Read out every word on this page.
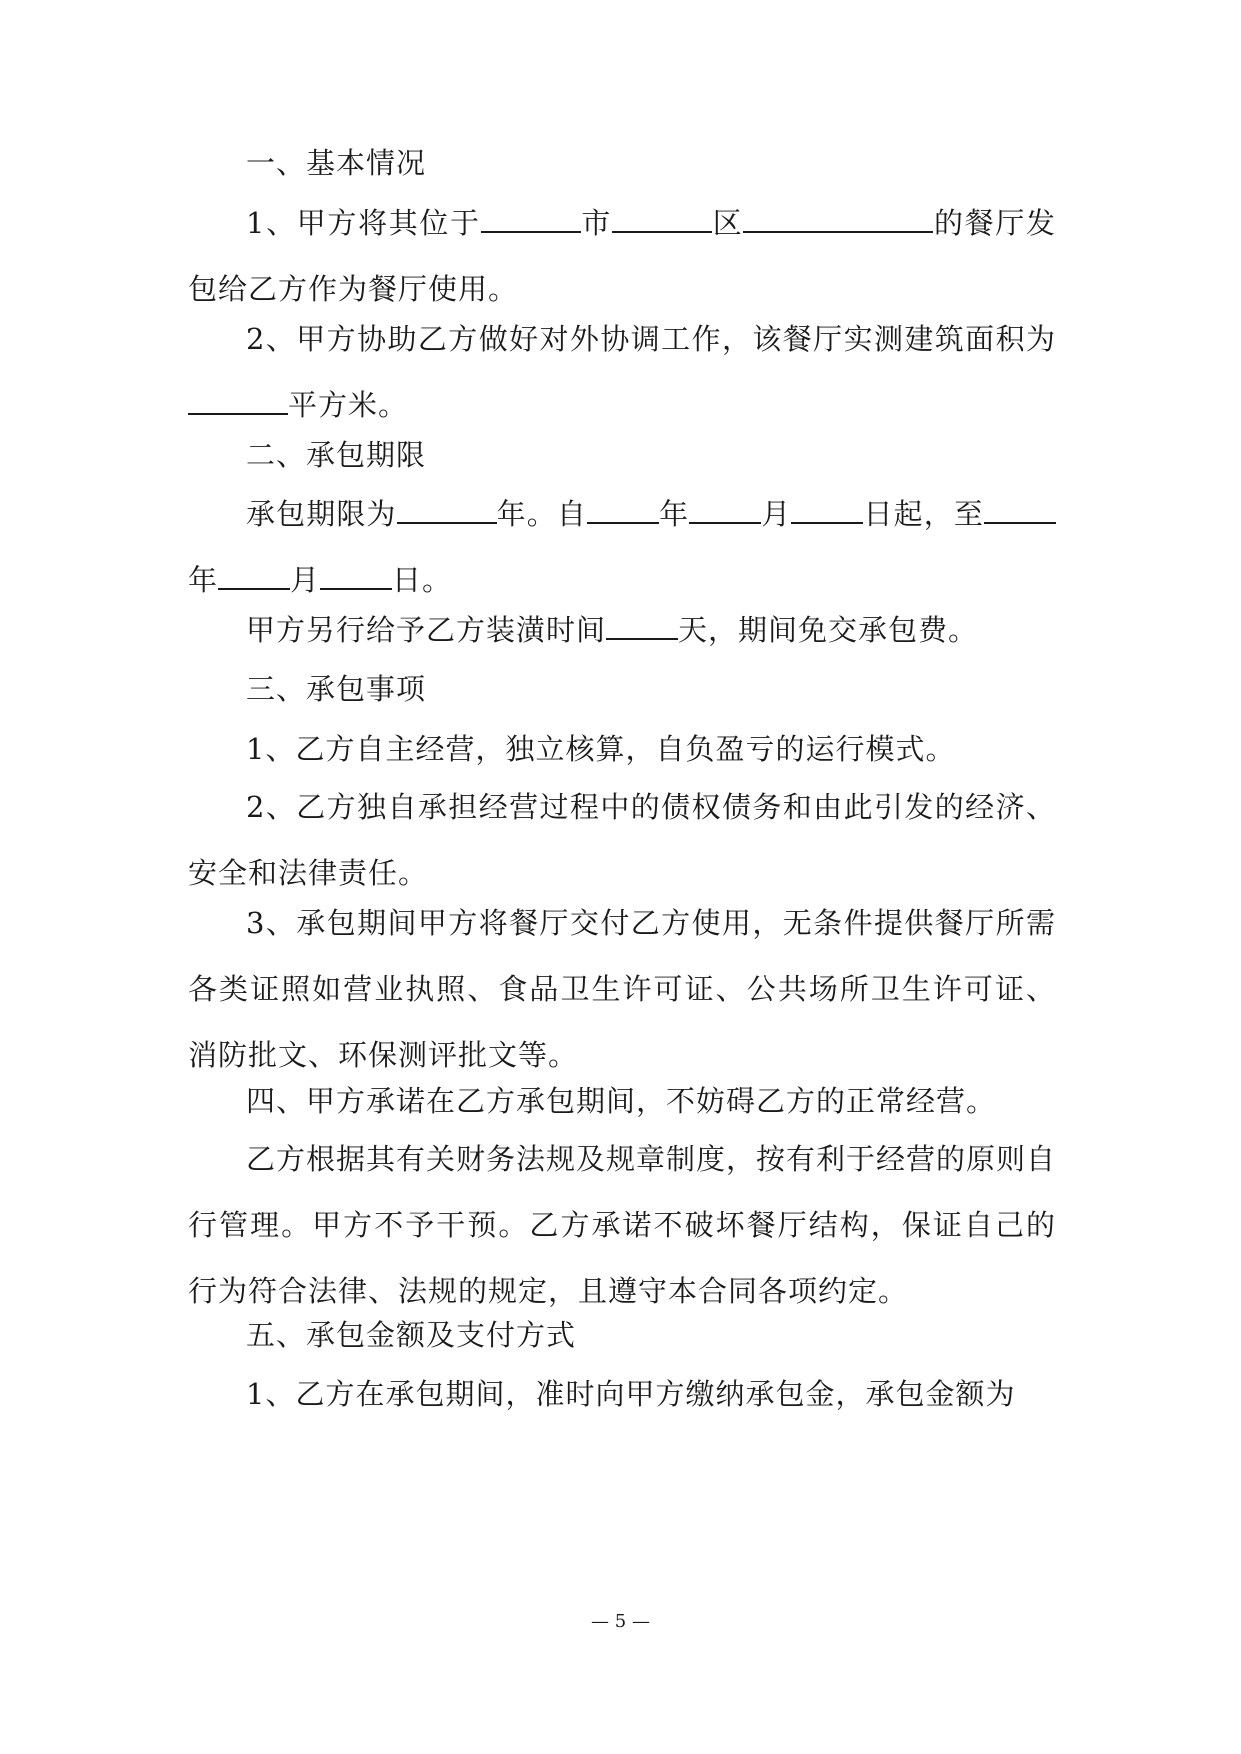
一、基本情况

1、甲方将其位于	市	区	的餐厅发包给乙方作为餐厅使用。

2、甲方协助乙方做好对外协调工作，该餐厅实测建筑面积为平方米。

二、承包期限

承包期限为	年。自 年 月 日起，至年 月 日。

甲方另行给予乙方装潢时间 天，期间免交承包费。

三、承包事项

1、乙方自主经营，独立核算，自负盈亏的运行模式。

2、乙方独自承担经营过程中的债权债务和由此引发的经济、安全和法律责任。

3、承包期间甲方将餐厅交付乙方使用，无条件提供餐厅所需各类证照如营业执照、食品卫生许可证、公共场所卫生许可证、消防批文、环保测评批文等。

四、甲方承诺在乙方承包期间，不妨碍乙方的正常经营。

乙方根据其有关财务法规及规章制度，按有利于经营的原则自行管理。甲方不予干预。乙方承诺不破坏餐厅结构，保证自己的行为符合法律、法规的规定，且遵守本合同各项约定。

五、承包金额及支付方式

1、乙方在承包期间，准时向甲方缴纳承包金，承包金额为

— 5 —
